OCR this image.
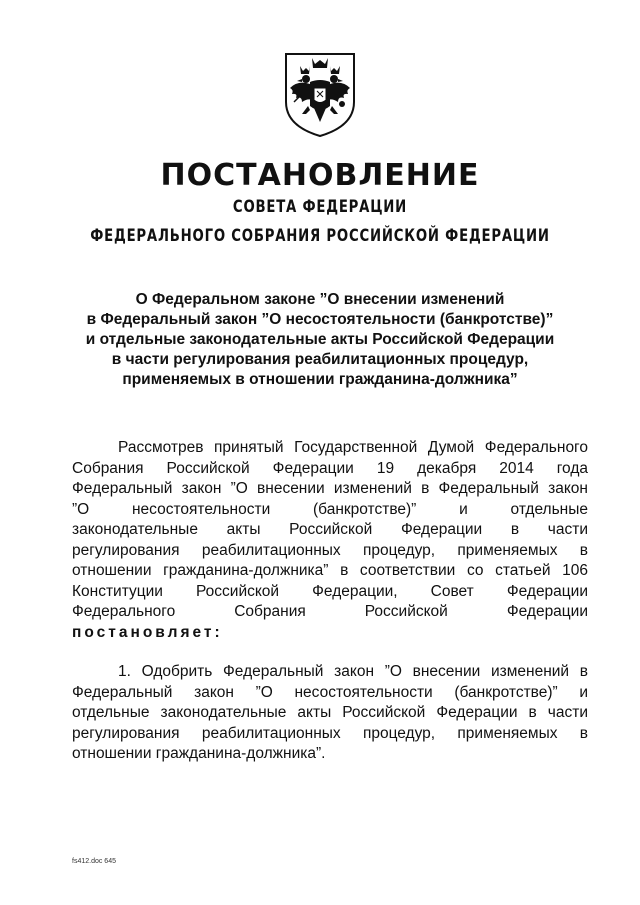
ПОСТАНОВЛЕНИЕ
СОВЕТА ФЕДЕРАЦИИ
ФЕДЕРАЛЬНОГО СОБРАНИЯ РОССИЙСКОЙ ФЕДЕРАЦИИ
О Федеральном законе ”О внесении изменений
в Федеральный закон ”О несостоятельности (банкротстве)”
и отдельные законодательные акты Российской Федерации
в части регулирования реабилитационных процедур,
применяемых в отношении гражданина-должника”
Рассмотрев принятый Государственной Думой Федерального
Собрания Российской Федерации 19 декабря 2014 года
Федеральный закон ”О внесении изменений в Федеральный закон
”О несостоятельности (банкротстве)” и отдельные
законодательные акты Российской Федерации в части
регулирования реабилитационных процедур, применяемых в
отношении гражданина-должника” в соответствии со статьей 106
Конституции Российской Федерации, Совет Федерации
Федерального Собрания Российской Федерации
постановляет:
1. Одобрить Федеральный закон ”О внесении изменений в
Федеральный закон ”О несостоятельности (банкротстве)” и
отдельные законодательные акты Российской Федерации в части
регулирования реабилитационных процедур, применяемых в
отношении гражданина-должника”.
fs412.doc 645
